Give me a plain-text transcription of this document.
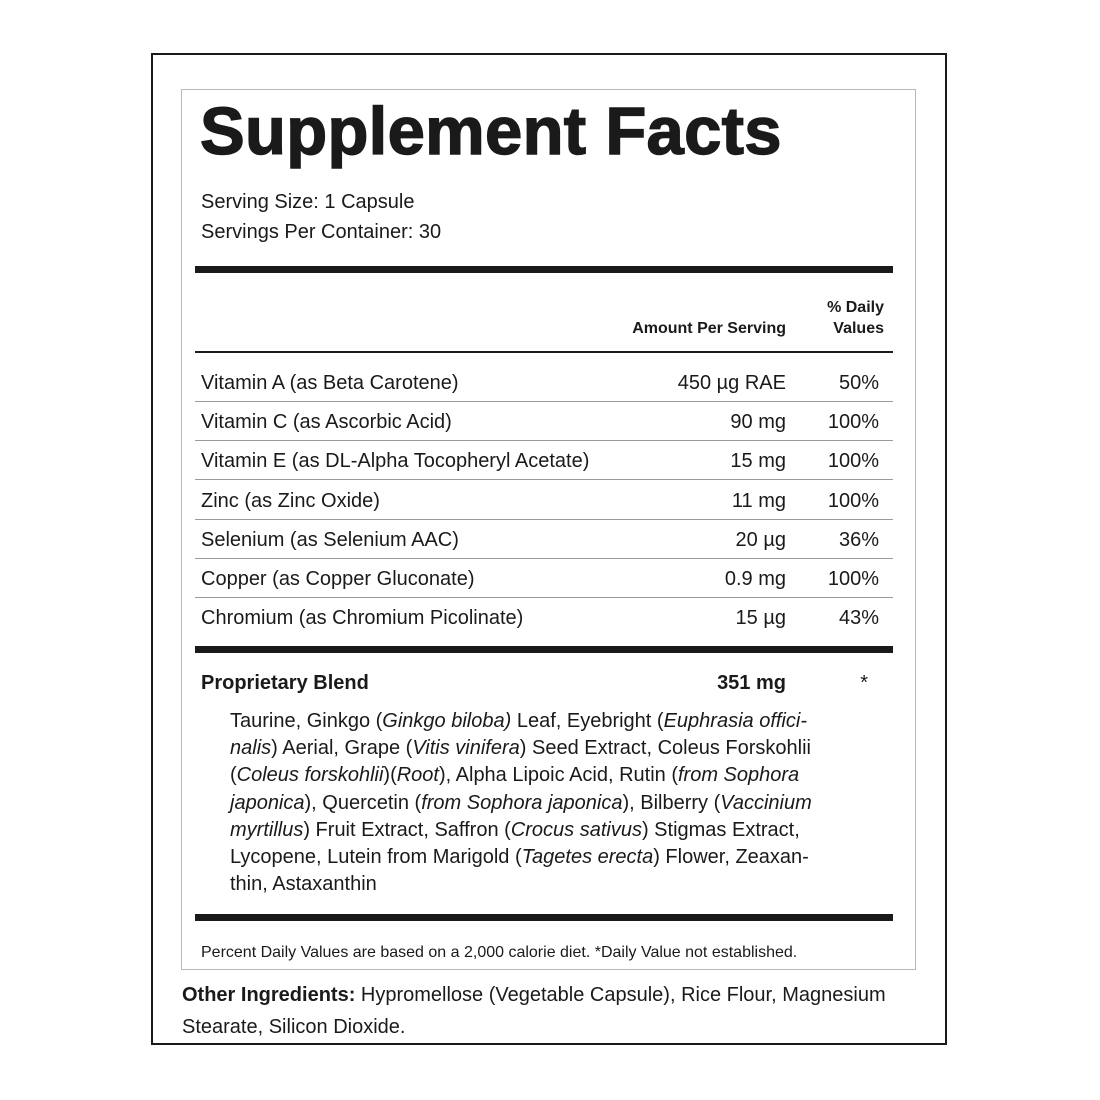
Supplement Facts
Serving Size: 1 Capsule
Servings Per Container: 30
Amount Per Serving
% Daily
Values
Vitamin A (as Beta Carotene)	450 µg RAE	50%
Vitamin C (as Ascorbic Acid)	90 mg 100%
Vitamin E (as DL-Alpha Tocopheryl Acetate)	15 mg 100%
Zinc (as Zinc Oxide)	11 mg 100%
Selenium (as Selenium AAC)	20 µg	36%
Copper (as Copper Gluconate)	0.9 mg 100%
Chromium (as Chromium Picolinate)	15 µg	43%
Proprietary Blend	351 mg	*

Taurine, Ginkgo (Ginkgo biloba) Leaf, Eyebright (Euphrasia offici-
nalis) Aerial, Grape (Vitis vinifera) Seed Extract, Coleus Forskohlii
(Coleus forskohlii)(Root), Alpha Lipoic Acid, Rutin (from Sophora
japonica), Quercetin (from Sophora japonica), Bilberry (Vaccinium
myrtillus) Fruit Extract, Saffron (Crocus sativus) Stigmas Extract,
Lycopene, Lutein from Marigold (Tagetes erecta) Flower, Zeaxan-
thin, Astaxanthin

Percent Daily Values are based on a 2,000 calorie diet. *Daily Value not established.

Other Ingredients: Hypromellose (Vegetable Capsule), Rice Flour, Magnesium Stearate, Silicon Dioxide.
